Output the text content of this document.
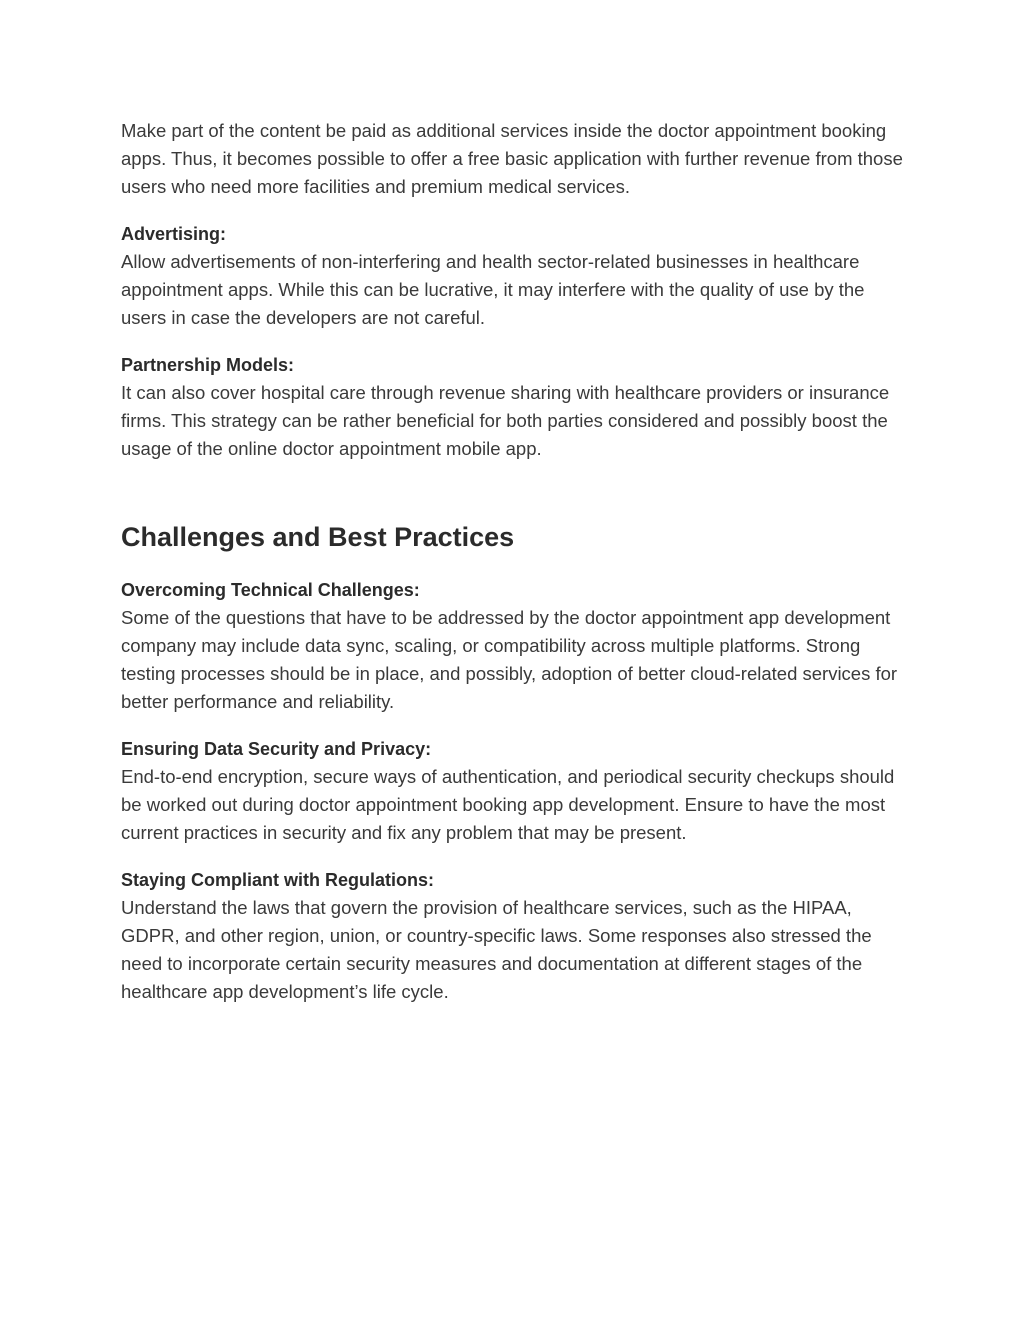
Make part of the content be paid as additional services inside the doctor appointment booking apps. Thus, it becomes possible to offer a free basic application with further revenue from those users who need more facilities and premium medical services.

Advertising:
Allow advertisements of non-interfering and health sector-related businesses in healthcare appointment apps. While this can be lucrative, it may interfere with the quality of use by the users in case the developers are not careful.

Partnership Models:
It can also cover hospital care through revenue sharing with healthcare providers or insurance firms. This strategy can be rather beneficial for both parties considered and possibly boost the usage of the online doctor appointment mobile app.

Challenges and Best Practices

Overcoming Technical Challenges:
Some of the questions that have to be addressed by the doctor appointment app development company may include data sync, scaling, or compatibility across multiple platforms. Strong testing processes should be in place, and possibly, adoption of better cloud-related services for better performance and reliability.

Ensuring Data Security and Privacy:
End-to-end encryption, secure ways of authentication, and periodical security checkups should be worked out during doctor appointment booking app development. Ensure to have the most current practices in security and fix any problem that may be present.

Staying Compliant with Regulations:
Understand the laws that govern the provision of healthcare services, such as the HIPAA, GDPR, and other region, union, or country-specific laws. Some responses also stressed the need to incorporate certain security measures and documentation at different stages of the healthcare app development’s life cycle.
